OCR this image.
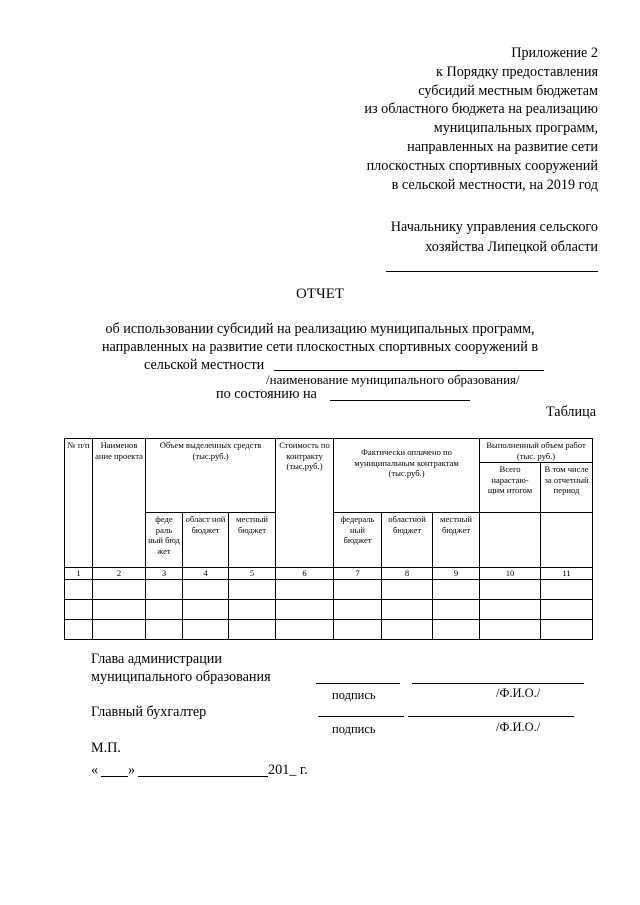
Приложение 2
к Порядку предоставления
субсидий местным бюджетам
из областного бюджета на реализацию
муниципальных программ,
направленных на развитие сети
плоскостных спортивных сооружений
в сельской местности, на 2019 год
Начальнику управления сельского
хозяйства Липецкой области
ОТЧЕТ
об использовании субсидий на реализацию муниципальных программ,
направленных на развитие сети плоскостных спортивных сооружений в
сельской местности
/наименование муниципального образования/
по состоянию на
Таблица
№ п/п	Наименов ание проекта	Объем выделенных средств (тыс.руб.)			Стоимость по контракту (тыс.руб.)	Фактически оплачено по муниципальным контрактам (тыс.руб.)			Выполненный объем работ (тыс. руб.)	
									Всего нарастаю- щим итогом	В том числе за отчетный период
		феде раль ный бюд жет	област ной бюджет	местный бюджет		федераль ный бюджет	областной бюджет	местный бюджет		
1	2	3	4	5	6	7	8	9	10	11

Глава администрации
муниципального образования
подпись	/Ф.И.О./
Главный бухгалтер
подпись	/Ф.И.О./
М.П.
« »	201_ г.
